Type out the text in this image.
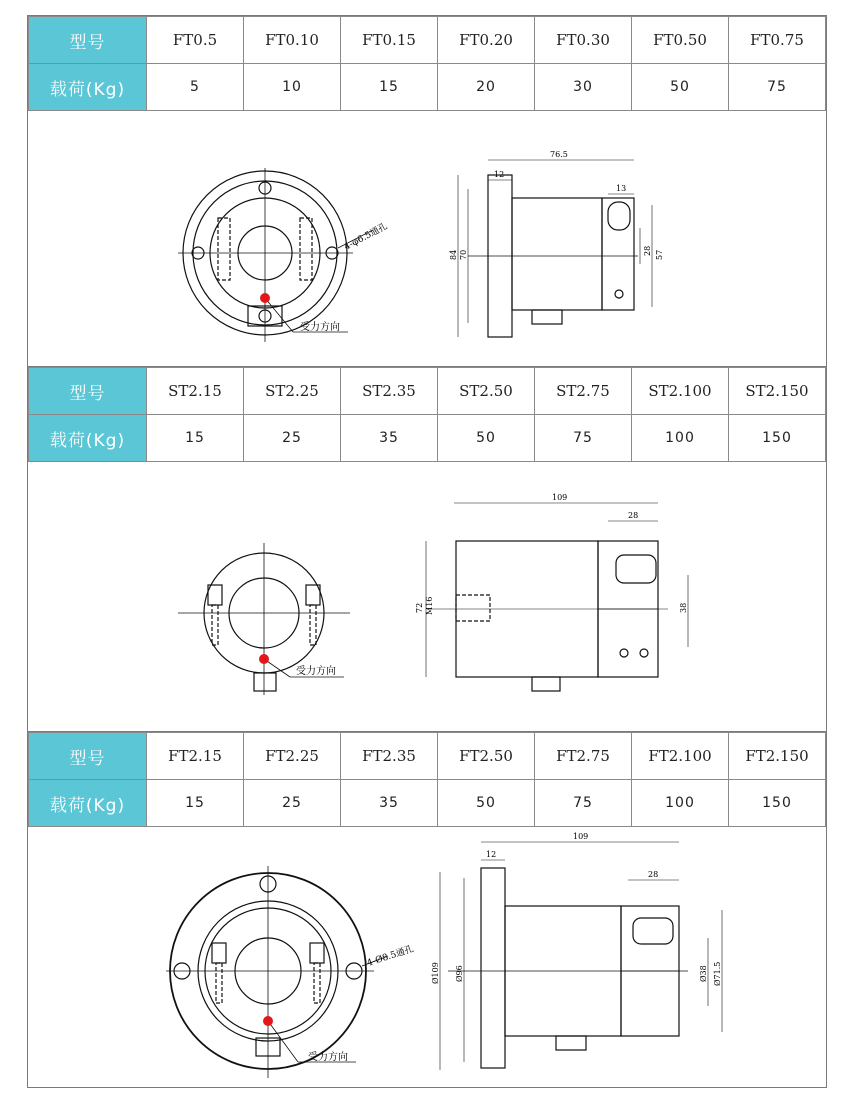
型号	FT0.5	FT0.10	FT0.15	FT0.20	FT0.30	FT0.50	FT0.75
载荷(Kg)	5	10	15	20	30	50	75
4-φ6.5通孔
受力方向
76.5
12
13
84 70	28 57
型号	ST2.15	ST2.25	ST2.35	ST2.50	ST2.75	ST2.100	ST2.150
载荷(Kg)	15	25	35	50	75	100	150
受力方向
109
28
72 M16	38
型号	FT2.15	FT2.25	FT2.35	FT2.50	FT2.75	FT2.100	FT2.150
载荷(Kg)	15	25	35	50	75	100	150
4-Ø8.5通孔
受力方向
109
12
28
Ø109 Ø96	Ø38 Ø71.5
